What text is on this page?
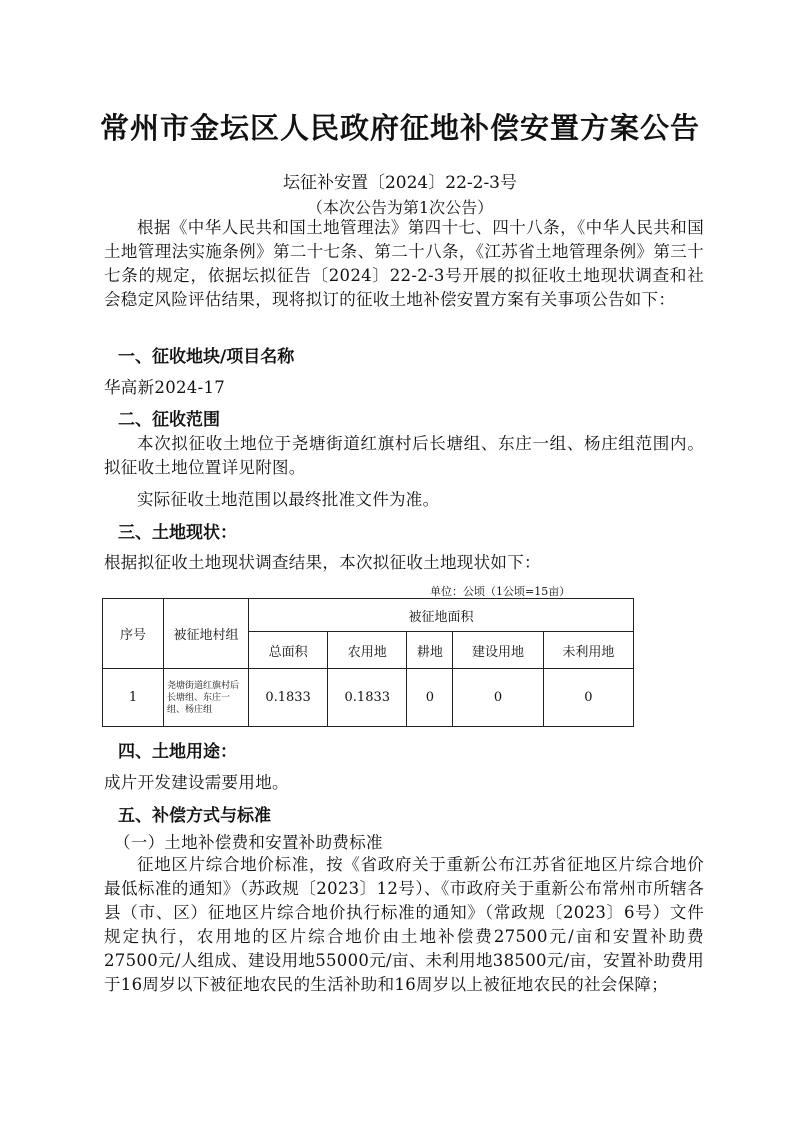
常州市金坛区人民政府征地补偿安置方案公告
坛征补安置〔2024〕22-2-3号
（本次公告为第1次公告）

根据《中华人民共和国土地管理法》第四十七、四十八条，《中华人民共和国土地管理法实施条例》第二十七条、第二十八条，《江苏省土地管理条例》第三十七条的规定，依据坛拟征告〔2024〕22-2-3号开展的拟征收土地现状调查和社会稳定风险评估结果，现将拟订的征收土地补偿安置方案有关事项公告如下：

一、征收地块/项目名称
华高新2024-17
二、征收范围

本次拟征收土地位于尧塘街道红旗村后长塘组、东庄一组、杨庄组范围内。拟征收土地位置详见附图。

实际征收土地范围以最终批准文件为准。

三、土地现状：
根据拟征收土地现状调查结果，本次拟征收土地现状如下：
单位：公顷（1公顷=15亩）
序号	被征地村组	被征地面积				
		总面积	农用地	耕地	建设用地	未利用地
1	尧塘街道红旗村后长塘组、东庄一组、杨庄组	0.1833	0.1833	0	0	0
四、土地用途：
成片开发建设需要用地。
五、补偿方式与标准
（一）土地补偿费和安置补助费标准

征地区片综合地价标准，按《省政府关于重新公布江苏省征地区片综合地价最低标准的通知》（苏政规〔2023〕12号）、《市政府关于重新公布常州市所辖各县（市、区）征地区片综合地价执行标准的通知》（常政规〔2023〕6号）文件规定执行，农用地的区片综合地价由土地补偿费27500元/亩和安置补助费27500元/人组成、建设用地55000元/亩、未利用地38500元/亩，安置补助费用于16周岁以下被征地农民的生活补助和16周岁以上被征地农民的社会保障；
